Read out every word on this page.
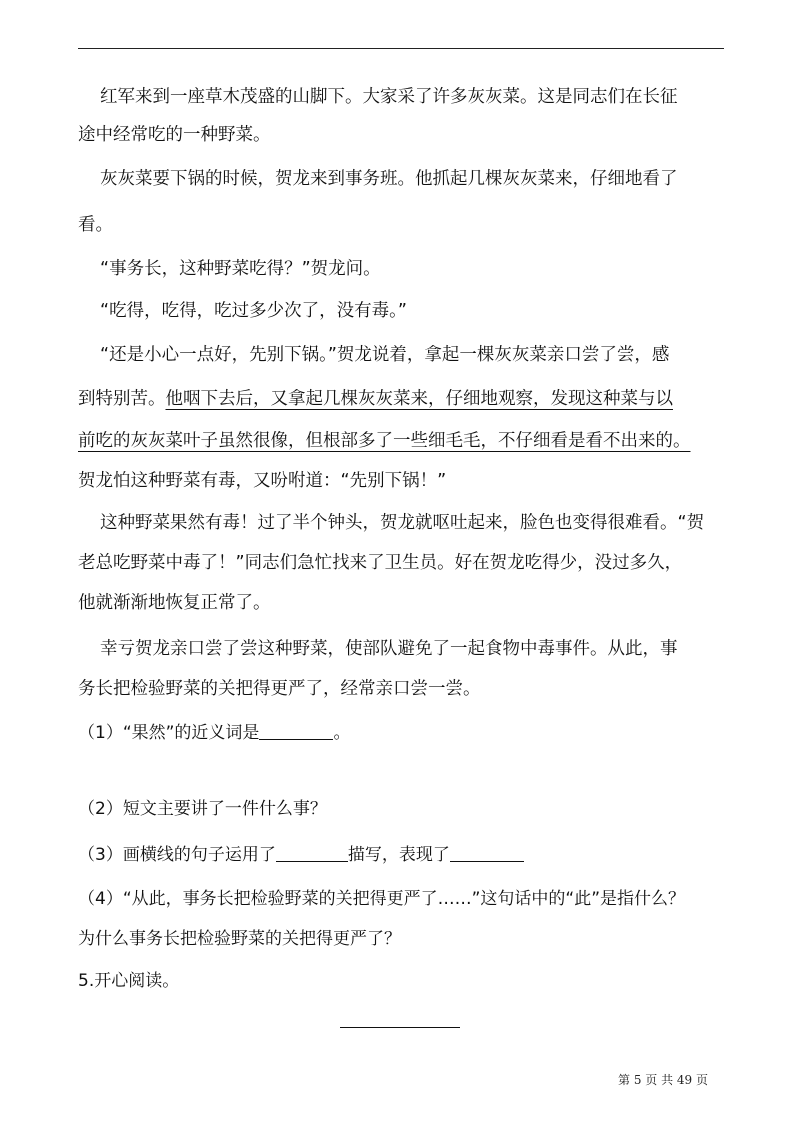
红军来到一座草木茂盛的山脚下。大家采了许多灰灰菜。这是同志们在长征

途中经常吃的一种野菜。

灰灰菜要下锅的时候，贺龙来到事务班。他抓起几棵灰灰菜来，仔细地看了

看。

“事务长，这种野菜吃得？”贺龙问。

“吃得，吃得，吃过多少次了，没有毒。”

“还是小心一点好，先别下锅。”贺龙说着，拿起一棵灰灰菜亲口尝了尝，感

到特别苦。他咽下去后，又拿起几棵灰灰菜来，仔细地观察，发现这种菜与以

前吃的灰灰菜叶子虽然很像，但根部多了一些细毛毛，不仔细看是看不出来的。

贺龙怕这种野菜有毒，又吩咐道：“先别下锅！”

这种野菜果然有毒！过了半个钟头，贺龙就呕吐起来，脸色也变得很难看。“贺

老总吃野菜中毒了！”同志们急忙找来了卫生员。好在贺龙吃得少，没过多久，

他就渐渐地恢复正常了。

幸亏贺龙亲口尝了尝这种野菜，使部队避免了一起食物中毒事件。从此，事

务长把检验野菜的关把得更严了，经常亲口尝一尝。

（1）“果然”的近义词是	。

（2）短文主要讲了一件什么事？

（3）画横线的句子运用了	描写，表现了

（4）“从此，事务长把检验野菜的关把得更严了……”这句话中的“此”是指什么？

为什么事务长把检验野菜的关把得更严了？

5.开心阅读。

第 5 页 共 49 页
